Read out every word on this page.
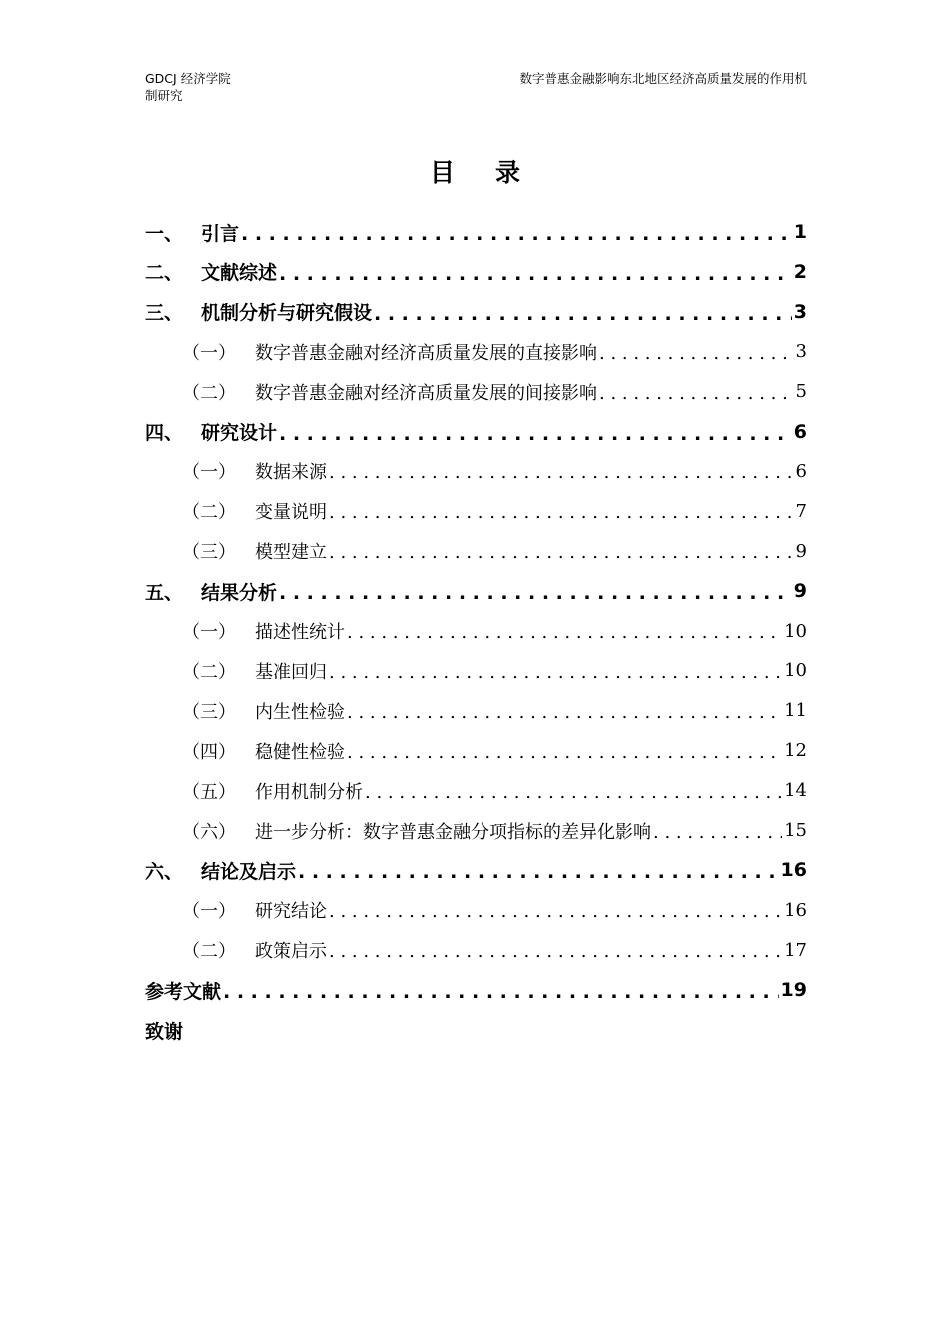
GDCJ 经济学院
制研究
数字普惠金融影响东北地区经济高质量发展的作用机
目录
一、 引言 . . .	1
二、 文献综述 . . .	2
三、 机制分析与研究假设 . . .	3
（一）	数字普惠金融对经济高质量发展的直接影响 . . .	3
（二）	数字普惠金融对经济高质量发展的间接影响 . . .	5
四、 研究设计 . . .	6
（一）	数据来源 . . .	6
（二）	变量说明 . . .	7
（三）	模型建立 . . .	9
五、 结果分析 . . .	9
（一）	描述性统计 . . .	10
（二）	基准回归 . . .	10
（三）	内生性检验 . . .	11
（四）	稳健性检验 . . .	12
（五）	作用机制分析 . . .	14
（六）	进一步分析：数字普惠金融分项指标的差异化影响 . . .	15
六、 结论及启示 . . .	16
（一）	研究结论 . . .	16
（二）	政策启示 . . .	17
参考文献 . . .	19
致谢
